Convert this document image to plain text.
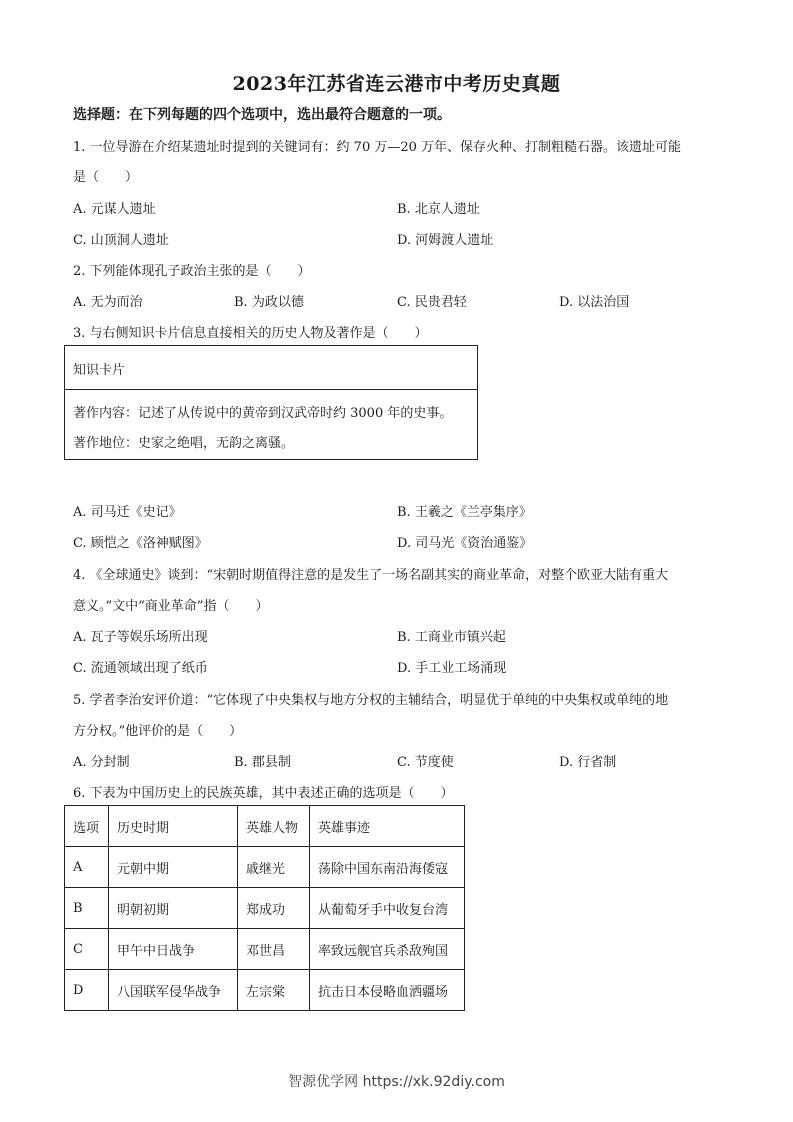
2023年江苏省连云港市中考历史真题
选择题：在下列每题的四个选项中，选出最符合题意的一项。
1. 一位导游在介绍某遗址时提到的关键词有：约 70 万—20 万年、保存火种、打制粗糙石器。该遗址可能
是（　　）
A. 元谋人遗址	B. 北京人遗址
C. 山顶洞人遗址	D. 河姆渡人遗址
2. 下列能体现孔子政治主张的是（　　）
A. 无为而治	B. 为政以德	C. 民贵君轻	D. 以法治国
3. 与右侧知识卡片信息直接相关的历史人物及著作是（　　）
知识卡片
著作内容：记述了从传说中的黄帝到汉武帝时约 3000 年的史事。
著作地位：史家之绝唱，无韵之离骚。
A. 司马迁《史记》	B. 王羲之《兰亭集序》
C. 顾恺之《洛神赋图》	D. 司马光《资治通鉴》
4. 《全球通史》谈到：“宋朝时期值得注意的是发生了一场名副其实的商业革命，对整个欧亚大陆有重大
意义。”文中“商业革命”指（　　）
A. 瓦子等娱乐场所出现	B. 工商业市镇兴起
C. 流通领域出现了纸币	D. 手工业工场涌现
5. 学者李治安评价道：“它体现了中央集权与地方分权的主辅结合，明显优于单纯的中央集权或单纯的地
方分权。”他评价的是（　　）
A. 分封制	B. 郡县制	C. 节度使	D. 行省制
6. 下表为中国历史上的民族英雄，其中表述正确的选项是（　　）
选项	历史时期	英雄人物	英雄事迹
A	元朝中期	戚继光	荡除中国东南沿海倭寇
B	明朝初期	郑成功	从葡萄牙手中收复台湾
C	甲午中日战争	邓世昌	率致远舰官兵杀敌殉国
D	八国联军侵华战争	左宗棠	抗击日本侵略血洒疆场
智源优学网 https://xk.92diy.com
